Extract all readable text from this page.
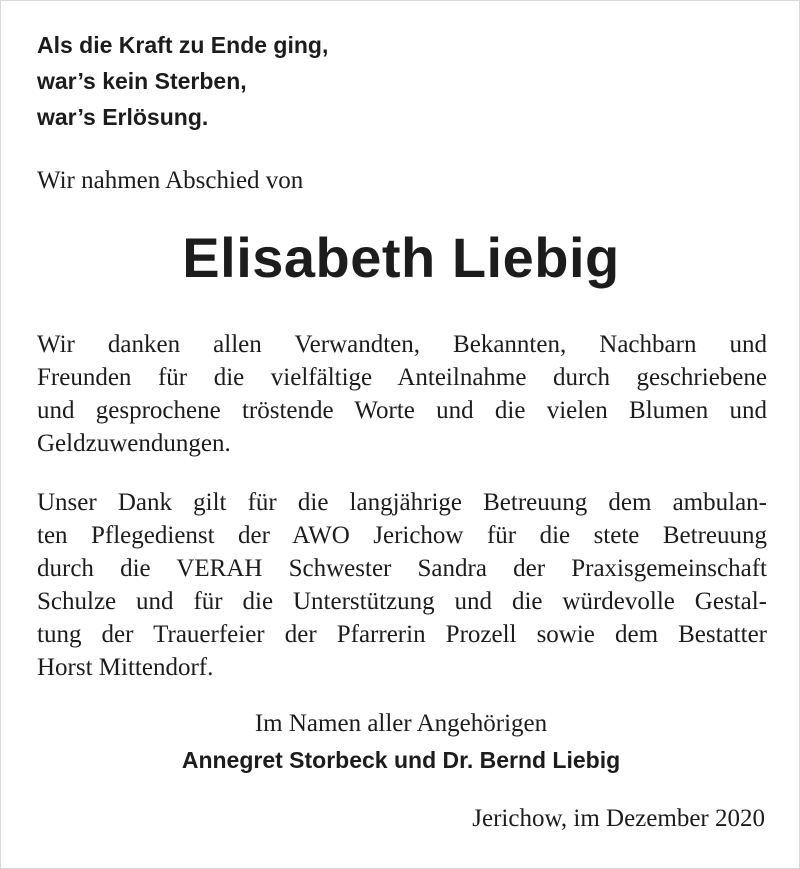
Als die Kraft zu Ende ging,
war’s kein Sterben,
war’s Erlösung.

Wir nahmen Abschied von

Elisabeth Liebig

Wir danken allen Verwandten, Bekannten, Nachbarn und
Freunden für die vielfältige Anteilnahme durch geschriebene
und gesprochene tröstende Worte und die vielen Blumen und
Geldzuwendungen.

Unser Dank gilt für die langjährige Betreuung dem ambulan-
ten Pflegedienst der AWO Jerichow für die stete Betreuung
durch die VERAH Schwester Sandra der Praxisgemeinschaft
Schulze und für die Unterstützung und die würdevolle Gestal-
tung der Trauerfeier der Pfarrerin Prozell sowie dem Bestatter
Horst Mittendorf.

Im Namen aller Angehörigen
Annegret Storbeck und Dr. Bernd Liebig

Jerichow, im Dezember 2020
